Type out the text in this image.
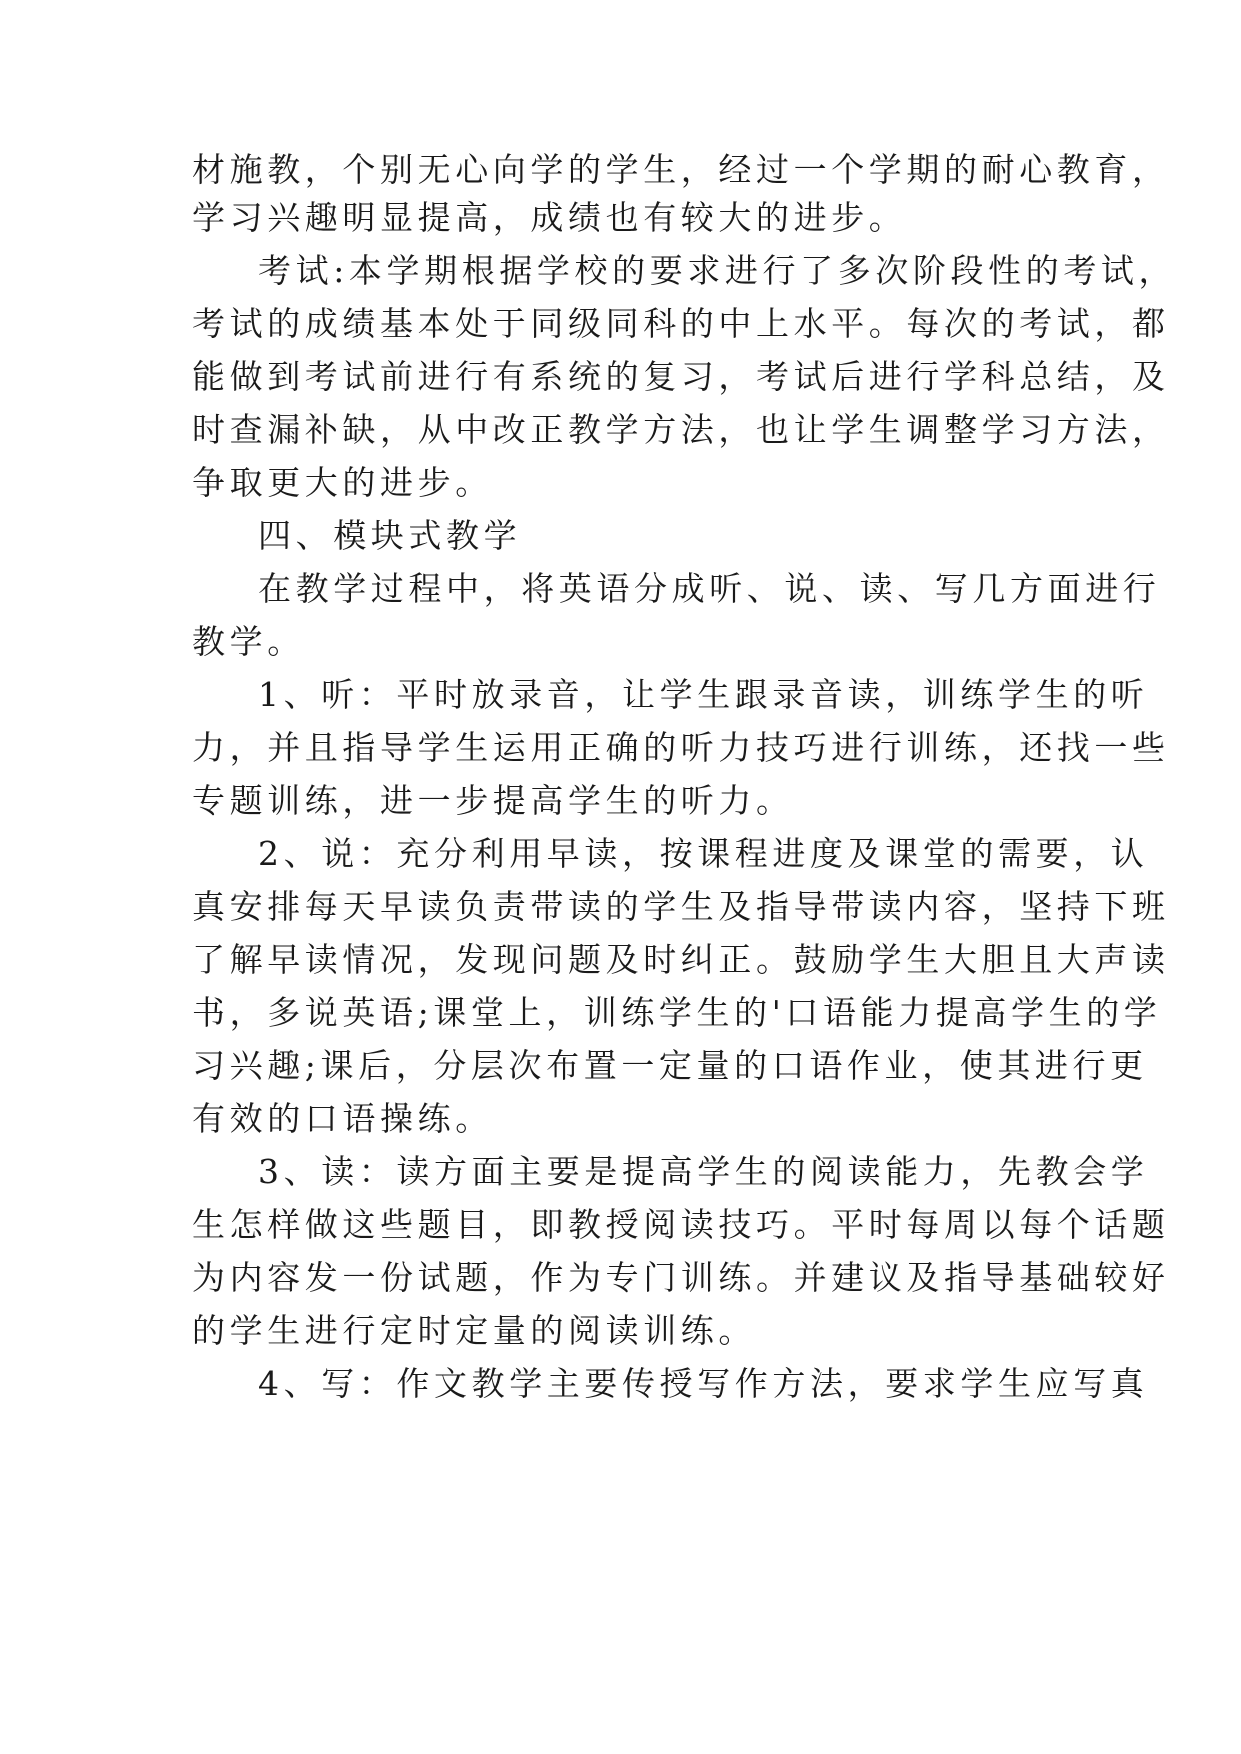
材施教，个别无心向学的学生，经过一个学期的耐心教育，

学习兴趣明显提高，成绩也有较大的进步。

考试:本学期根据学校的要求进行了多次阶段性的考试，

考试的成绩基本处于同级同科的中上水平。每次的考试，都

能做到考试前进行有系统的复习，考试后进行学科总结，及

时查漏补缺，从中改正教学方法，也让学生调整学习方法，

争取更大的进步。

四、模块式教学

在教学过程中，将英语分成听、说、读、写几方面进行

教学。

1、听：平时放录音，让学生跟录音读，训练学生的听

力，并且指导学生运用正确的听力技巧进行训练，还找一些

专题训练，进一步提高学生的听力。

2、说：充分利用早读，按课程进度及课堂的需要，认

真安排每天早读负责带读的学生及指导带读内容，坚持下班

了解早读情况，发现问题及时纠正。鼓励学生大胆且大声读

书，多说英语;课堂上，训练学生的'口语能力提高学生的学

习兴趣;课后，分层次布置一定量的口语作业，使其进行更

有效的口语操练。

3、读：读方面主要是提高学生的阅读能力，先教会学

生怎样做这些题目，即教授阅读技巧。平时每周以每个话题

为内容发一份试题，作为专门训练。并建议及指导基础较好

的学生进行定时定量的阅读训练。

4、写：作文教学主要传授写作方法，要求学生应写真
